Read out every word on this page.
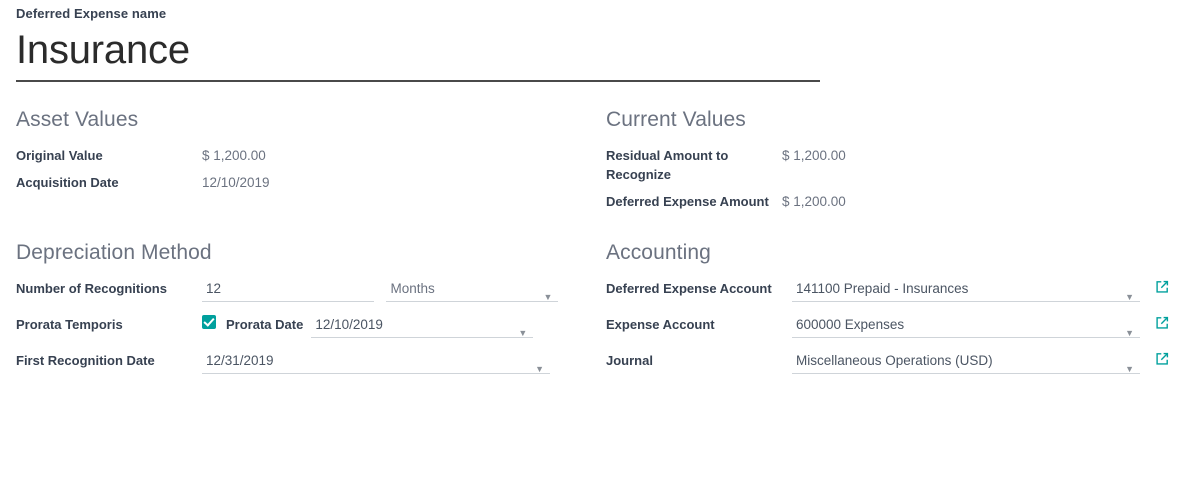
Deferred Expense name
Insurance
Asset Values
Original Value	$ 1,200.00
Acquisition Date	12/10/2019
Current Values
Residual Amount to Recognize	$ 1,200.00
Deferred Expense Amount	$ 1,200.00
Depreciation Method
Number of Recognitions	12 Months
▼

Prorata Temporis	Prorata Date 12/10/2019
▼

First Recognition Date	12/31/2019
▼
Accounting
Deferred Expense Account	141100 Prepaid - Insurances
▼

Expense Account	600000 Expenses
▼

Journal	Miscellaneous Operations (USD)
▼
